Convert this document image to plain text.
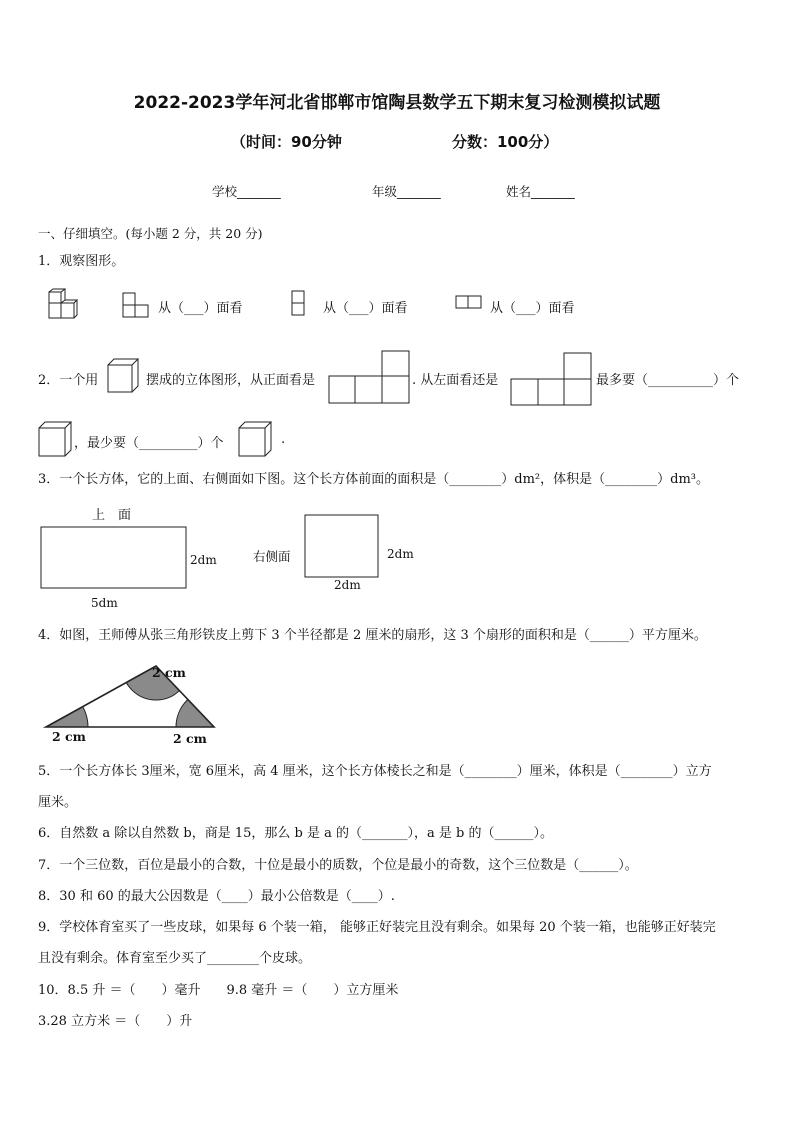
2022-2023学年河北省邯郸市馆陶县数学五下期末复习检测模拟试题
（时间：90分钟	分数：100分）
学校_______	年级_______	姓名_______
一、仔细填空。(每小题 2 分，共 20 分)
1．观察图形。
从（___）面看	从（___）面看	从（___）面看
2．一个用	摆成的立体图形，从正面看是	. 从左面看还是	最多要（__________）个
，最少要（_________）个	.
3．一个长方体，它的上面、右侧面如下图。这个长方体前面的面积是（________）dm²，体积是（________）dm³。
上　面
2dm
5dm
右侧面	2dm
2dm
4．如图，王师傅从张三角形铁皮上剪下 3 个半径都是 2 厘米的扇形，这 3 个扇形的面积和是（______）平方厘米。
2 cm
2 cm	2 cm
5．一个长方体长 3厘米，宽 6厘米，高 4 厘米，这个长方体棱长之和是（________）厘米，体积是（________）立方
厘米。
6．自然数 a 除以自然数 b，商是 15，那么 b 是 a 的（_______），a 是 b 的（______）。
7．一个三位数，百位是最小的合数，十位是最小的质数，个位是最小的奇数，这个三位数是（______）。
8．30 和 60 的最大公因数是（____）最小公倍数是（____）.
9．学校体育室买了一些皮球，如果每 6 个装一箱， 能够正好装完且没有剩余。如果每 20 个装一箱，也能够正好装完
且没有剩余。体育室至少买了________个皮球。
10．8.5 升 ＝（　　）毫升　　9.8 毫升 ＝（　　）立方厘米
3.28 立方米 ＝（　　）升
